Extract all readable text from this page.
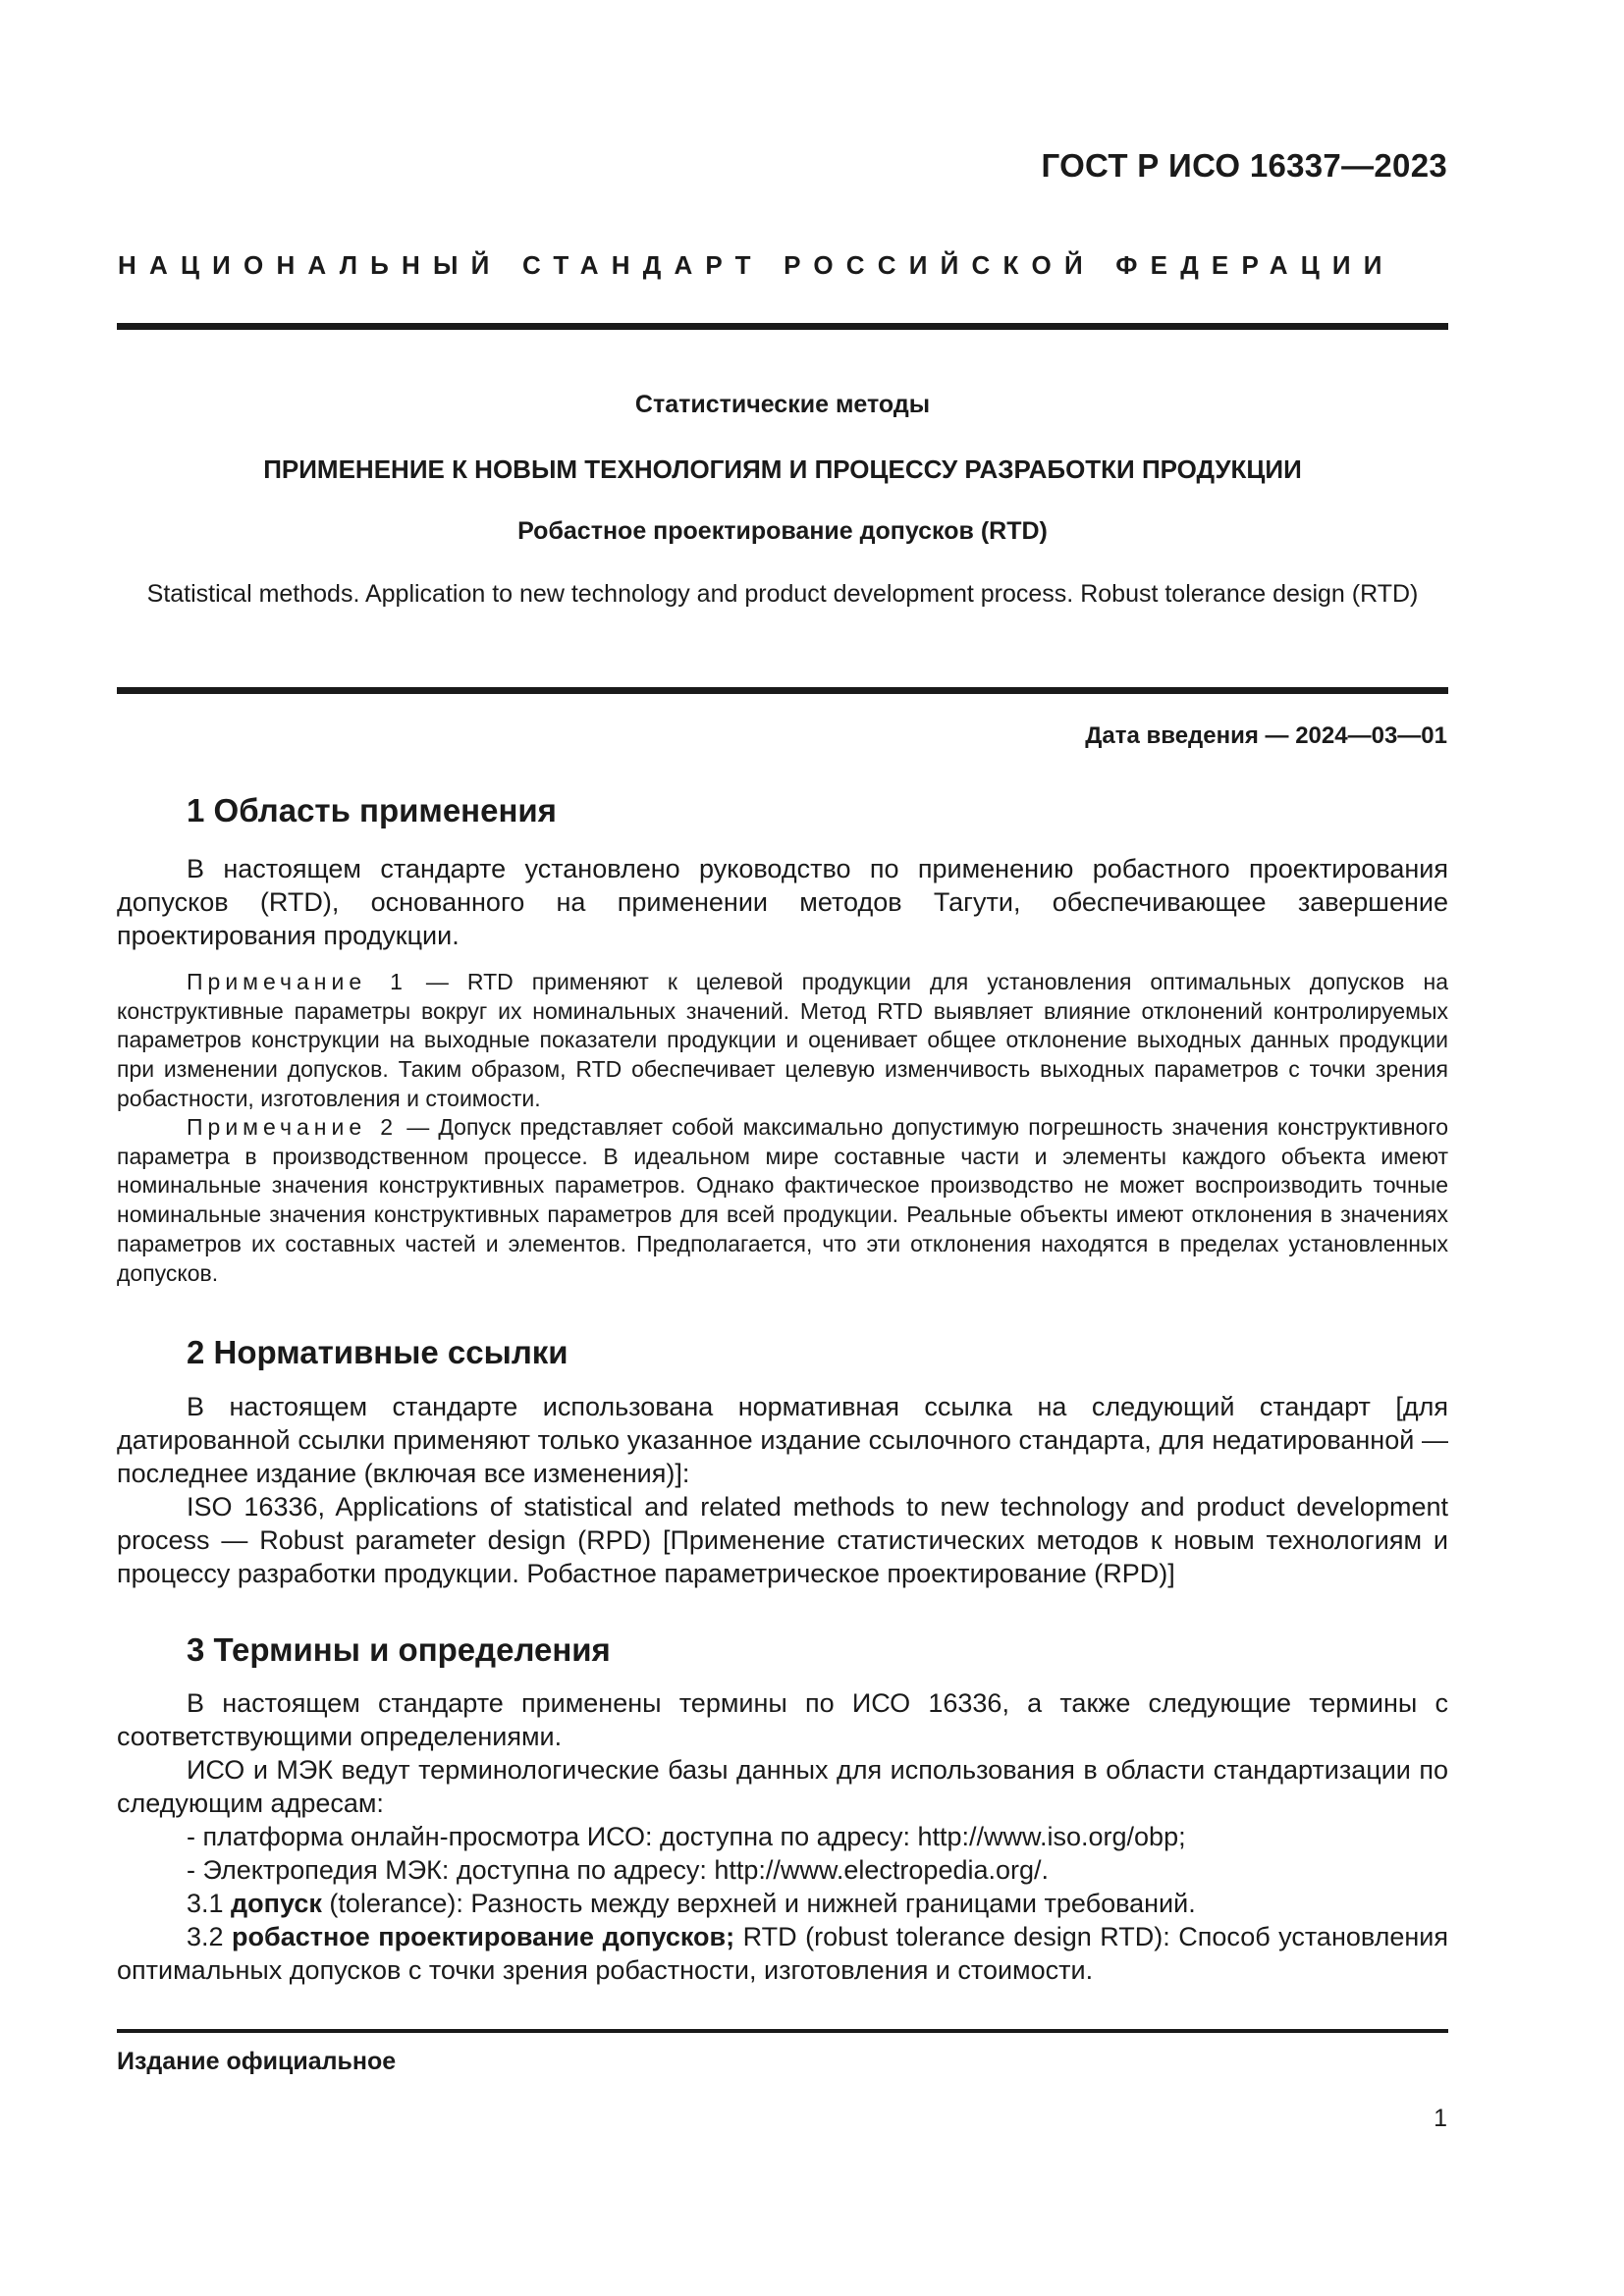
ГОСТ Р ИСО 16337—2023
НАЦИОНАЛЬНЫЙ СТАНДАРТ РОССИЙСКОЙ ФЕДЕРАЦИИ
Статистические методы
ПРИМЕНЕНИЕ К НОВЫМ ТЕХНОЛОГИЯМ И ПРОЦЕССУ РАЗРАБОТКИ ПРОДУКЦИИ
Робастное проектирование допусков (RTD)
Statistical methods. Application to new technology and product development process. Robust tolerance design (RTD)
Дата введения — 2024—03—01
1 Область применения
В настоящем стандарте установлено руководство по применению робастного проектирования допусков (RTD), основанного на применении методов Тагути, обеспечивающее завершение проектирования продукции.
Примечание 1 — RTD применяют к целевой продукции для установления оптимальных допусков на конструктивные параметры вокруг их номинальных значений. Метод RTD выявляет влияние отклонений контролируемых параметров конструкции на выходные показатели продукции и оценивает общее отклонение выходных данных продукции при изменении допусков. Таким образом, RTD обеспечивает целевую изменчивость выходных параметров с точки зрения робастности, изготовления и стоимости.
Примечание 2 — Допуск представляет собой максимально допустимую погрешность значения конструктивного параметра в производственном процессе. В идеальном мире составные части и элементы каждого объекта имеют номинальные значения конструктивных параметров. Однако фактическое производство не может воспроизводить точные номинальные значения конструктивных параметров для всей продукции. Реальные объекты имеют отклонения в значениях параметров их составных частей и элементов. Предполагается, что эти отклонения находятся в пределах установленных допусков.
2 Нормативные ссылки
В настоящем стандарте использована нормативная ссылка на следующий стандарт [для датированной ссылки применяют только указанное издание ссылочного стандарта, для недатированной — последнее издание (включая все изменения)]:
ISO 16336, Applications of statistical and related methods to new technology and product development process — Robust parameter design (RPD) [Применение статистических методов к новым технологиям и процессу разработки продукции. Робастное параметрическое проектирование (RPD)]
3 Термины и определения
В настоящем стандарте применены термины по ИСО 16336, а также следующие термины с соответствующими определениями.
ИСО и МЭК ведут терминологические базы данных для использования в области стандартизации по следующим адресам:
- платформа онлайн-просмотра ИСО: доступна по адресу: http://www.iso.org/obp;
- Электропедия МЭК: доступна по адресу: http://www.electropedia.org/.
3.1 допуск (tolerance): Разность между верхней и нижней границами требований.
3.2 робастное проектирование допусков; RTD (robust tolerance design RTD): Способ установления оптимальных допусков с точки зрения робастности, изготовления и стоимости.
Издание официальное
1
